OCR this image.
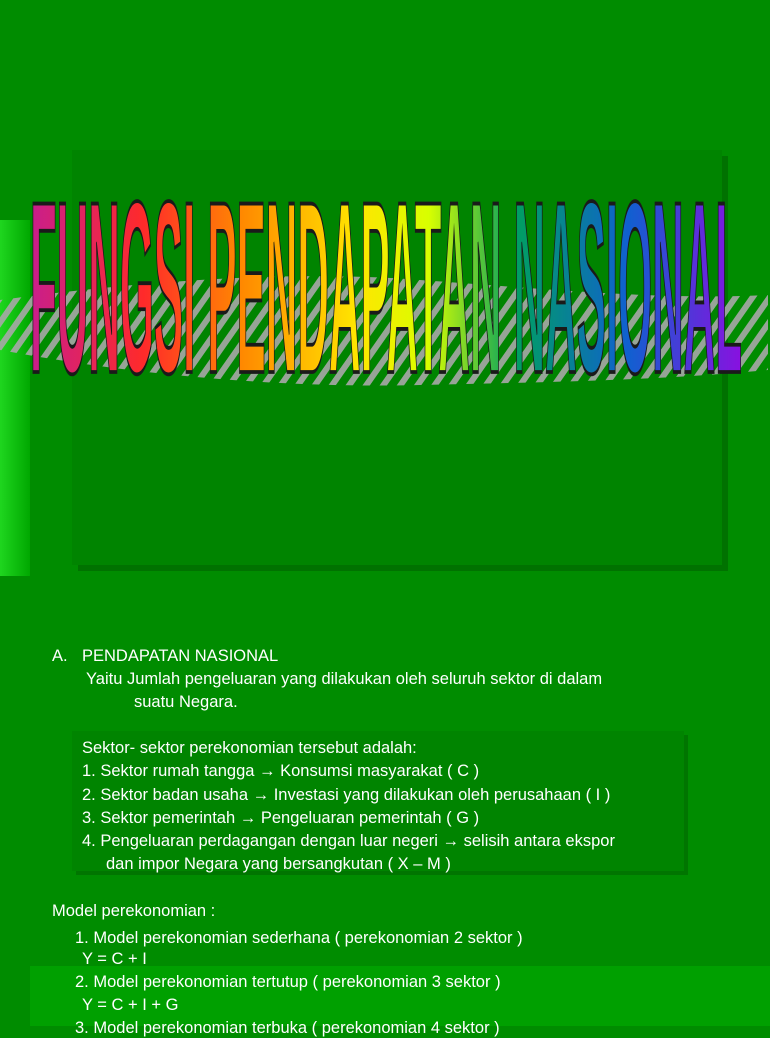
FUNGSI PENDAPATAN NASIONAL
A. PENDAPATAN NASIONAL
Yaitu Jumlah pengeluaran yang dilakukan oleh seluruh sektor di dalam
suatu Negara.
Sektor- sektor perekonomian tersebut adalah:
1. Sektor rumah tangga → Konsumsi masyarakat ( C )
2. Sektor badan usaha → Investasi yang dilakukan oleh perusahaan ( I )
3. Sektor pemerintah → Pengeluaran pemerintah ( G )
4. Pengeluaran perdagangan dengan luar negeri → selisih antara ekspor
dan impor Negara yang bersangkutan ( X – M )
Model perekonomian :
1. Model perekonomian sederhana ( perekonomian 2 sektor )
Y = C + I
2. Model perekonomian tertutup ( perekonomian 3 sektor )
Y = C + I + G
3. Model perekonomian terbuka ( perekonomian 4 sektor )
